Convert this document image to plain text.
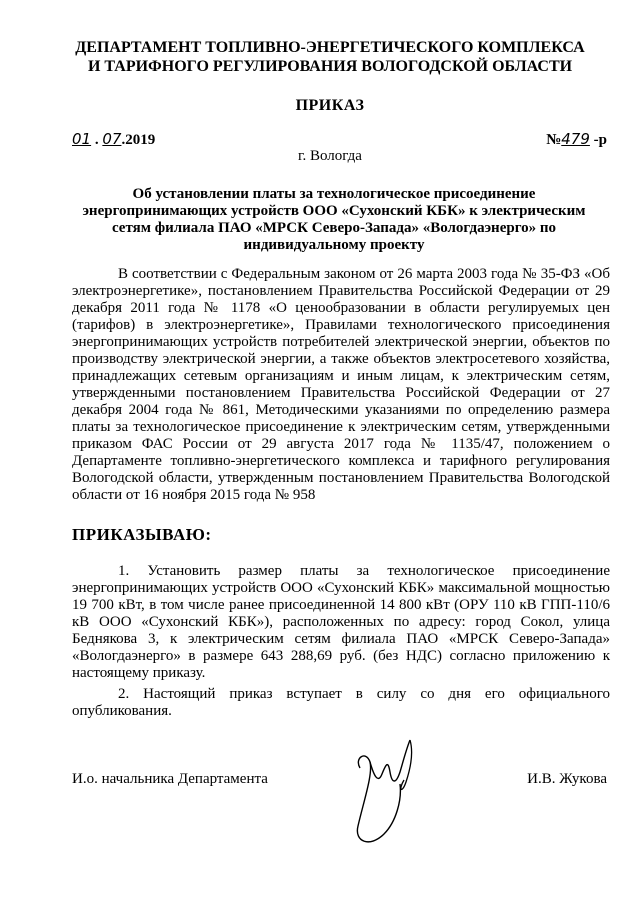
ДЕПАРТАМЕНТ ТОПЛИВНО-ЭНЕРГЕТИЧЕСКОГО КОМПЛЕКСА
И ТАРИФНОГО РЕГУЛИРОВАНИЯ ВОЛОГОДСКОЙ ОБЛАСТИ
ПРИКАЗ
01 . 07.2019	№479 -р
г. Вологда
Об установлении платы за технологическое присоединение
энергопринимающих устройств ООО «Сухонский КБК» к электрическим
сетям филиала ПАО «МРСК Северо-Запада» «Вологдаэнерго» по
индивидуальному проекту

В соответствии с Федеральным законом от 26 марта 2003 года № 35-ФЗ «Об электроэнергетике», постановлением Правительства Российской Федерации от 29 декабря 2011 года № 1178 «О ценообразовании в области регулируемых цен (тарифов) в электроэнергетике», Правилами технологического присоединения энергопринимающих устройств потребителей электрической энергии, объектов по производству электрической энергии, а также объектов электросетевого хозяйства, принадлежащих сетевым организациям и иным лицам, к электрическим сетям, утвержденными постановлением Правительства Российской Федерации от 27 декабря 2004 года № 861, Методическими указаниями по определению размера платы за технологическое присоединение к электрическим сетям, утвержденными приказом ФАС России от 29 августа 2017 года № 1135/47, положением о Департаменте топливно-энергетического комплекса и тарифного регулирования Вологодской области, утвержденным постановлением Правительства Вологодской области от 16 ноября 2015 года № 958

ПРИКАЗЫВАЮ:

1. Установить размер платы за технологическое присоединение энергопринимающих устройств ООО «Сухонский КБК» максимальной мощностью 19 700 кВт, в том числе ранее присоединенной 14 800 кВт (ОРУ 110 кВ ГПП-110/6 кВ ООО «Сухонский КБК»), расположенных по адресу: город Сокол, улица Беднякова 3, к электрическим сетям филиала ПАО «МРСК Северо-Запада» «Вологдаэнерго» в размере 643 288,69 руб. (без НДС) согласно приложению к настоящему приказу.

2. Настоящий приказ вступает в силу со дня его официального опубликования.

И.о. начальника Департамента	И.В. Жукова
